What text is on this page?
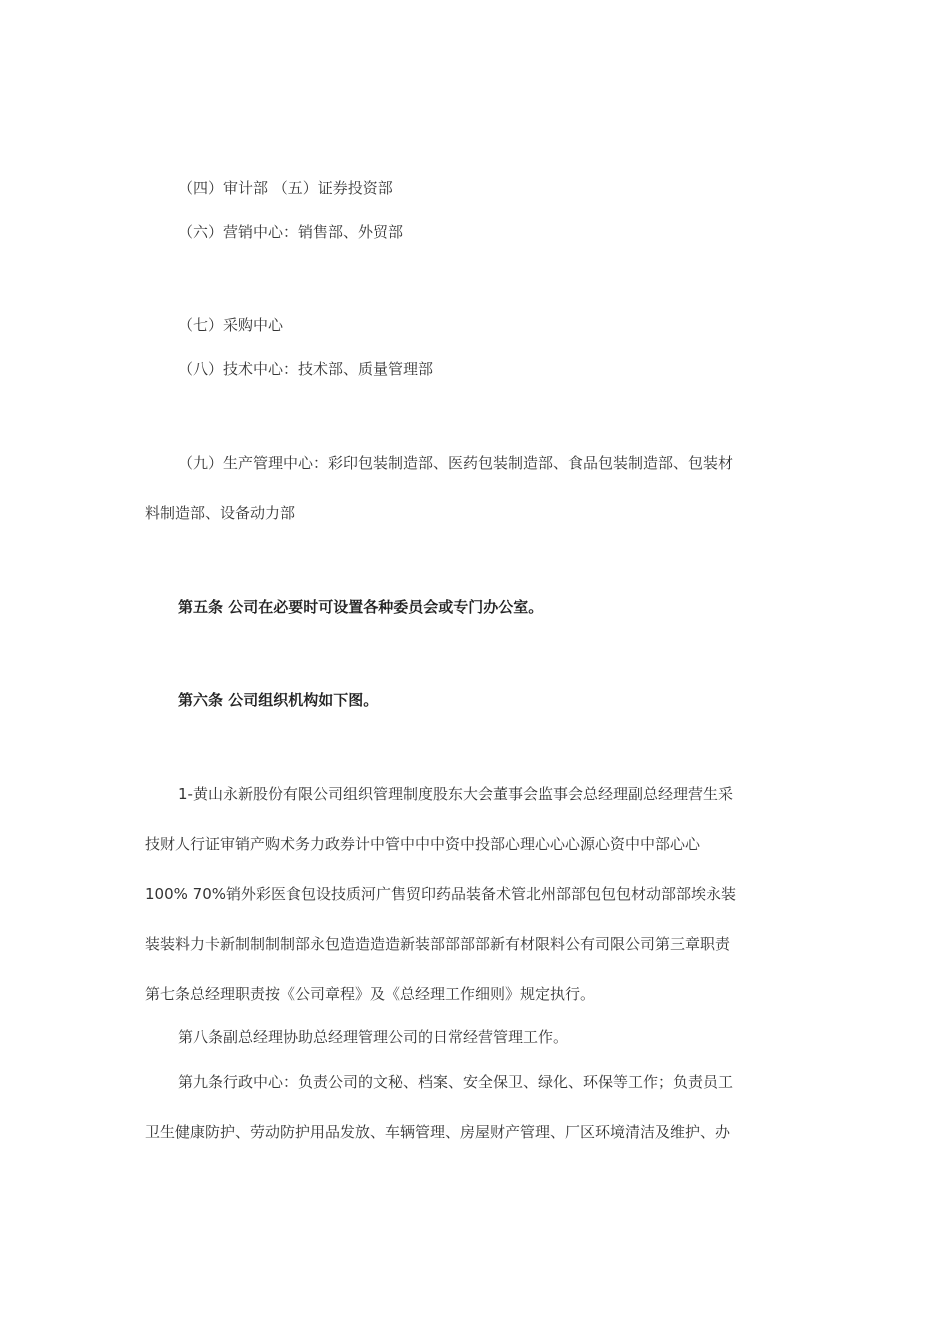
（四）审计部 （五）证券投资部
（六）营销中心：销售部、外贸部
（七）采购中心
（八）技术中心：技术部、质量管理部
（九）生产管理中心：彩印包装制造部、医药包装制造部、食品包装制造部、包装材
料制造部、设备动力部
第五条 公司在必要时可设置各种委员会或专门办公室。
第六条 公司组织机构如下图。
1-黄山永新股份有限公司组织管理制度股东大会董事会监事会总经理副总经理营生采
技财人行证审销产购术务力政券计中管中中中资中投部心理心心心源心资中中部心心
100% 70%销外彩医食包设技质河广售贸印药品装备术管北州部部包包包材动部部埃永装
装装料力卡新制制制制部永包造造造造新装部部部部新有材限料公有司限公司第三章职责
第七条总经理职责按《公司章程》及《总经理工作细则》规定执行。
第八条副总经理协助总经理管理公司的日常经营管理工作。
第九条行政中心：负责公司的文秘、档案、安全保卫、绿化、环保等工作；负责员工
卫生健康防护、劳动防护用品发放、车辆管理、房屋财产管理、厂区环境清洁及维护、办
